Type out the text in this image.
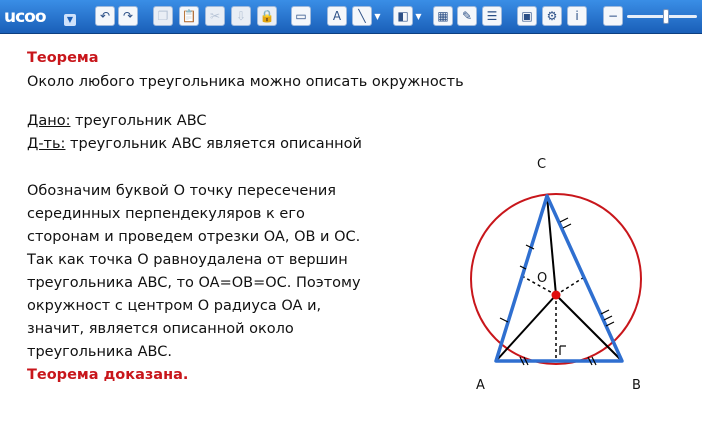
ucoo	▼	↶	↷	❐	📋	✂	⇩	🔒	▭	A	╲	▼	◧ ▼	▦	✎	☰	▣	⚙	i	−
Теорема
Около любого треугольника можно описать окружность
Дано: треугольник ABC
Д-ть: треугольник ABC является описанной
Обозначим буквой O точку пересечения
серединных перпендекуляров к его
сторонам и проведем отрезки OA, OB и OC.
Так как точка O равноудалена от вершин
треугольника ABC, то OA=OB=OC. Поэтому
окружност с центром O радиуса OA и,
значит, является описанной около
треугольника ABC.
Теорема доказана.
C
A	B
O
